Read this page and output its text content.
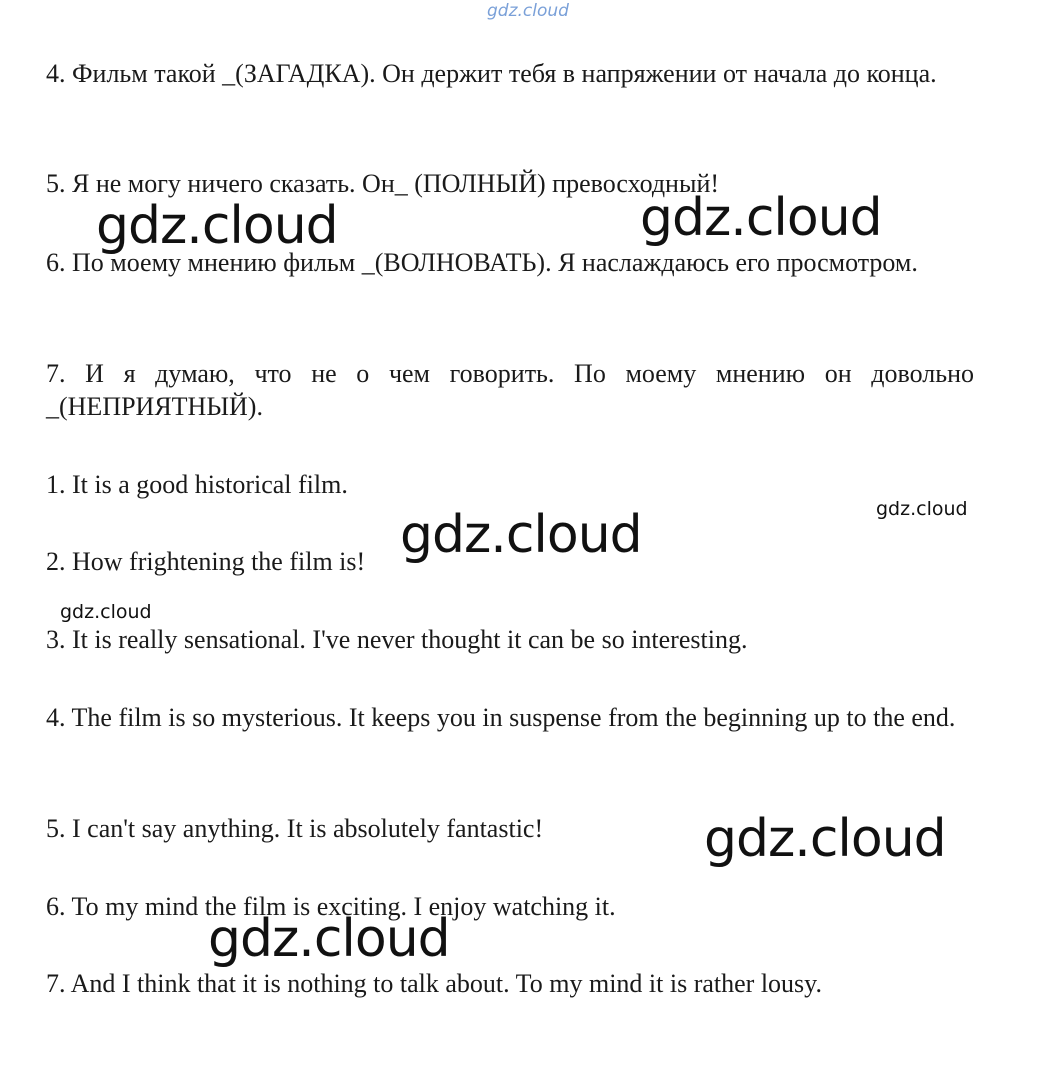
gdz.cloud

4. Фильм такой _(ЗАГАДКА). Он держит тебя в напряжении от начала до конца.

5. Я не могу ничего сказать. Он_ (ПОЛНЫЙ) превосходный!

6. По моему мнению фильм _(ВОЛНОВАТЬ). Я наслаждаюсь его просмотром.

7. И я думаю, что не о чем говорить. По моему мнению он довольно _(НЕПРИЯТНЫЙ).

1. It is a good historical film.

2. How frightening the film is!

3. It is really sensational. I've never thought it can be so interesting.

4. The film is so mysterious. It keeps you in suspense from the beginning up to the end.

5. I can't say anything. It is absolutely fantastic!

6. To my mind the film is exciting. I enjoy watching it.

7. And I think that it is nothing to talk about. To my mind it is rather lousy.

gdz.cloud	gdz.cloud
gdz.cloud
gdz.cloud
gdz.cloud
gdz.cloud
gdz.cloud
